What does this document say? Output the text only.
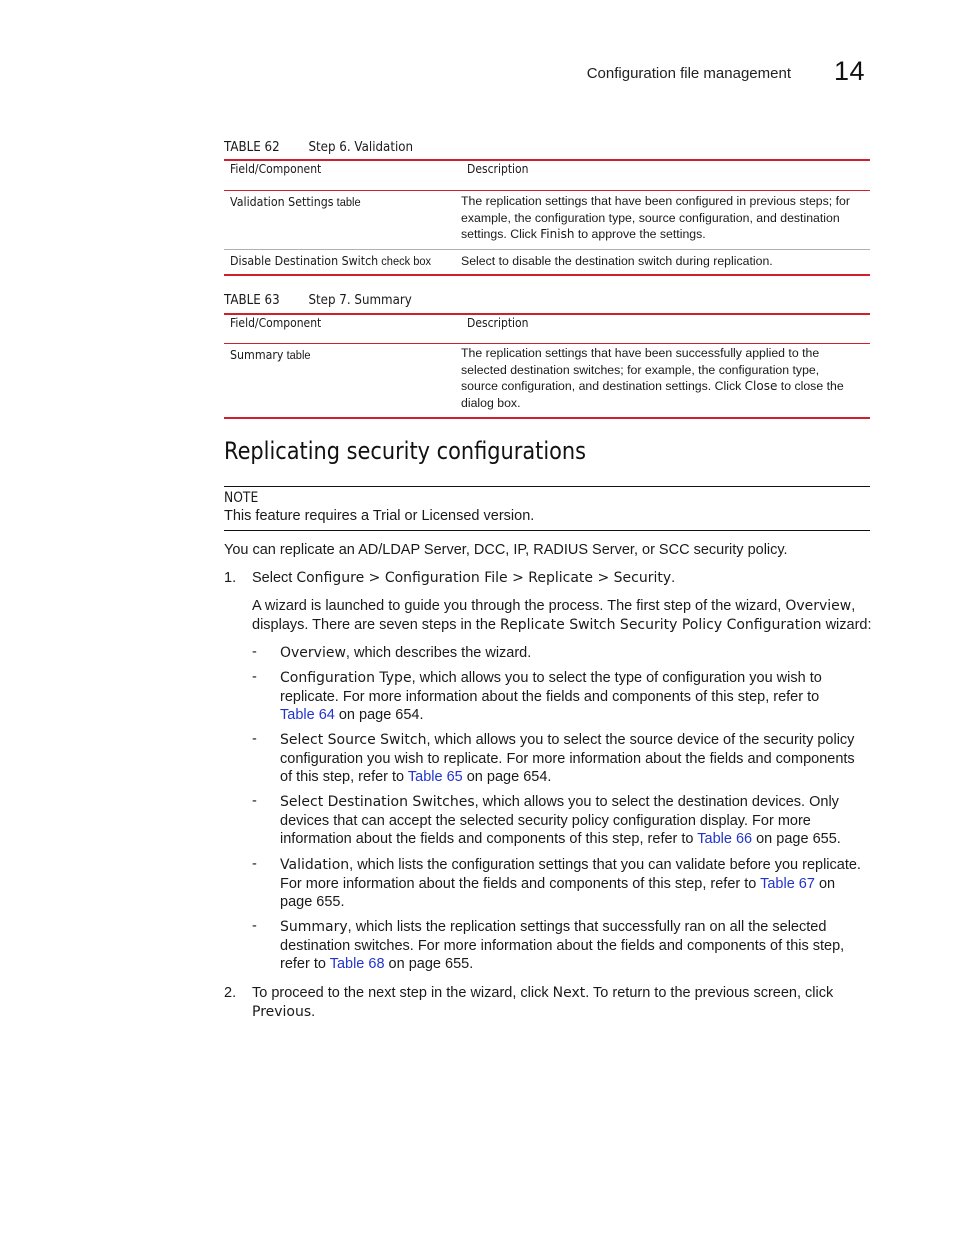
Configuration file management 14
TABLE 62 Step 6. Validation
Field/Component	Description
Validation Settings table	The replication settings that have been configured in previous steps; for
example, the configuration type, source configuration, and destination
settings. Click Finish to approve the settings.
Disable Destination Switch check box	Select to disable the destination switch during replication.
TABLE 63 Step 7. Summary
Field/Component	Description
Summary table	The replication settings that have been successfully applied to the
selected destination switches; for example, the configuration type,
source configuration, and destination settings. Click Close to close the
dialog box.
Replicating security configurations
NOTE
This feature requires a Trial or Licensed version.
You can replicate an AD/LDAP Server, DCC, IP, RADIUS Server, or SCC security policy.
1. Select Configure > Configuration File > Replicate > Security.
A wizard is launched to guide you through the process. The first step of the wizard, Overview,
displays. There are seven steps in the Replicate Switch Security Policy Configuration wizard:
- Overview, which describes the wizard.
- Configuration Type, which allows you to select the type of configuration you wish to
replicate. For more information about the fields and components of this step, refer to
Table 64 on page 654.
- Select Source Switch, which allows you to select the source device of the security policy
configuration you wish to replicate. For more information about the fields and components
of this step, refer to Table 65 on page 654.
- Select Destination Switches, which allows you to select the destination devices. Only
devices that can accept the selected security policy configuration display. For more
information about the fields and components of this step, refer to Table 66 on page 655.
- Validation, which lists the configuration settings that you can validate before you replicate.
For more information about the fields and components of this step, refer to Table 67 on
page 655.
- Summary, which lists the replication settings that successfully ran on all the selected
destination switches. For more information about the fields and components of this step,
refer to Table 68 on page 655.
2. To proceed to the next step in the wizard, click Next. To return to the previous screen, click
Previous.
